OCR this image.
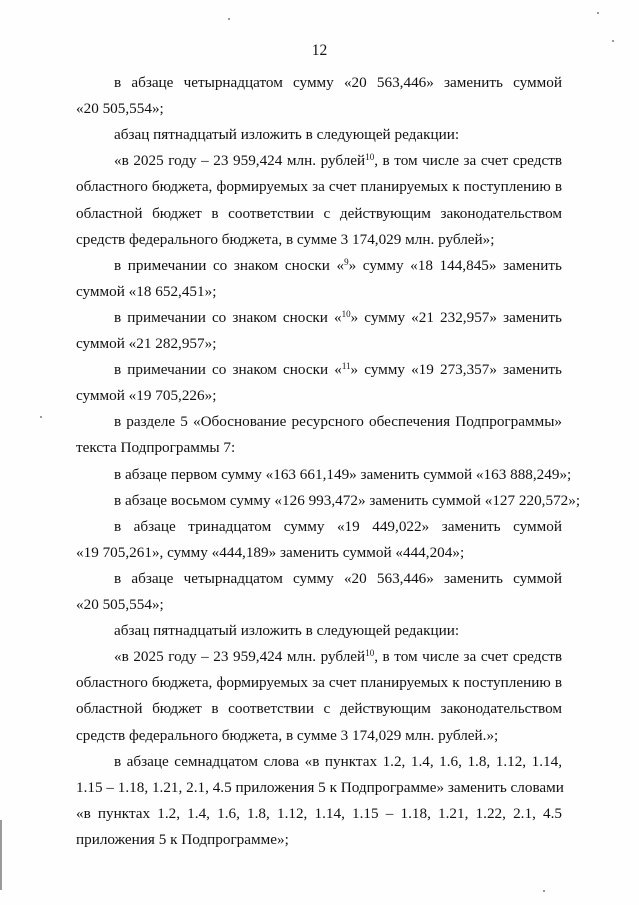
12
в абзаце четырнадцатом сумму «20 563,446» заменить суммой
«20 505,554»;
абзац пятнадцатый изложить в следующей редакции:
«в 2025 году – 23 959,424 млн. рублей$^{10}$, в том числе за счет средств
областного бюджета, формируемых за счет планируемых к поступлению в
областной бюджет в соответствии с действующим законодательством
средств федерального бюджета, в сумме 3 174,029 млн. рублей»;
в примечании со знаком сноски «$^9$» сумму «18 144,845» заменить
суммой «18 652,451»;
в примечании со знаком сноски «$^{10}$» сумму «21 232,957» заменить
суммой «21 282,957»;
в примечании со знаком сноски «$^{11}$» сумму «19 273,357» заменить
суммой «19 705,226»;
в разделе 5 «Обоснование ресурсного обеспечения Подпрограммы»
текста Подпрограммы 7:
в абзаце первом сумму «163 661,149» заменить суммой «163 888,249»;
в абзаце восьмом сумму «126 993,472» заменить суммой «127 220,572»;
в абзаце тринадцатом сумму «19 449,022» заменить суммой
«19 705,261», сумму «444,189» заменить суммой «444,204»;
в абзаце четырнадцатом сумму «20 563,446» заменить суммой
«20 505,554»;
абзац пятнадцатый изложить в следующей редакции:
«в 2025 году – 23 959,424 млн. рублей$^{10}$, в том числе за счет средств
областного бюджета, формируемых за счет планируемых к поступлению в
областной бюджет в соответствии с действующим законодательством
средств федерального бюджета, в сумме 3 174,029 млн. рублей.»;
в абзаце семнадцатом слова «в пунктах 1.2, 1.4, 1.6, 1.8, 1.12, 1.14,
1.15 – 1.18, 1.21, 2.1, 4.5 приложения 5 к Подпрограмме» заменить словами
«в пунктах 1.2, 1.4, 1.6, 1.8, 1.12, 1.14, 1.15 – 1.18, 1.21, 1.22, 2.1, 4.5
приложения 5 к Подпрограмме»;
